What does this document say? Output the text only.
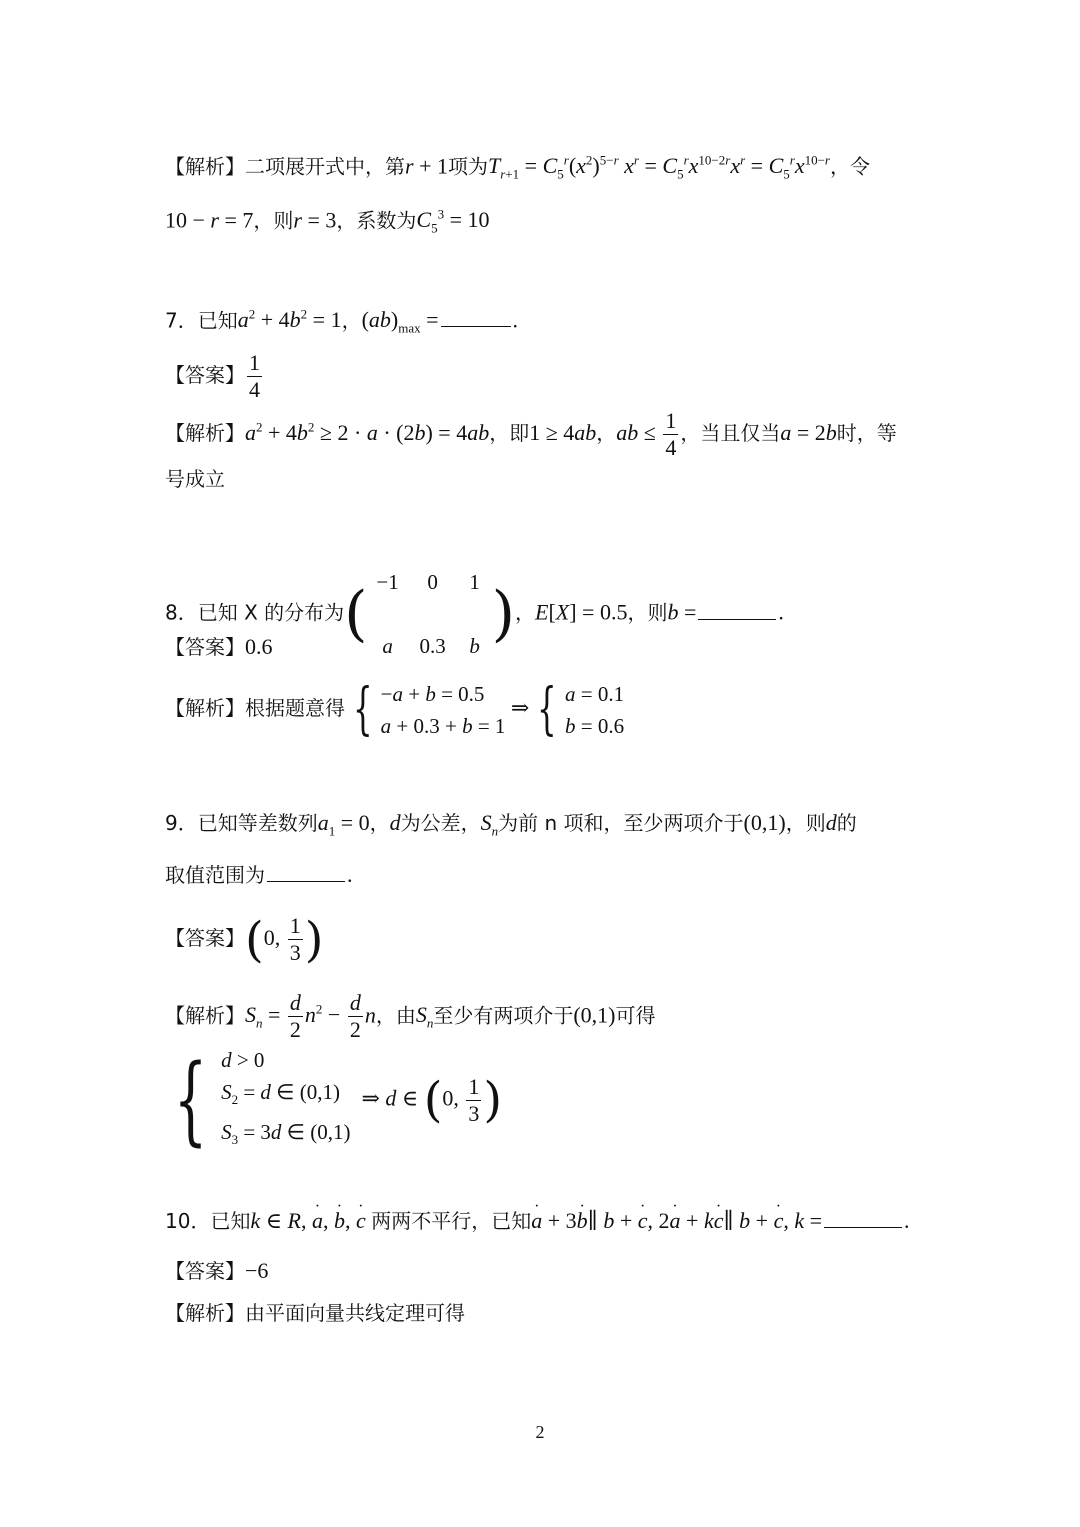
【解析】二项展开式中，第r + 1项为$T_{r+1} = C_5^r(x^2)^{5-r}$ $x^r = C_5^rx^{10-2r}x^r = C_5^rx^{10-r}$，令
10 − r = 7，则r = 3，系数为$C_5^3 = 10$
7．已知$a^2 + 4b^2 = 1$，$(ab)_{max}$ =	.
【答案】 $\frac{1}{4}$
【解析】$a^2 + 4b^2 \ge 2 \cdot a \cdot (2b) = 4ab$，即1 ≥ 4ab，ab ≤ $\frac{1}{4}$ ，当且仅当a = 2b时，等
号成立
8．已知 X 的分布为( −1	0	1
a	0.3	b )，E[X] = 0.5，则b =	.
【答案】0.6
【解析】根据题意得 { −a + b = 0.5
a + 0.3 + b = 1
⇒ { a = 0.1
b = 0.6
9．已知等差数列$a_1 = 0$，d为公差，$S_n$为前 n 项和，至少两项介于(0,1)，则d的
取值范围为	.
【答案】(0, $\frac{1}{3}$ )
【解析】$S_n = \frac{d}{2} n^2 - \frac{d}{2}$ n，由$S_n$至少有两项介于(0,1)可得
{ d > 0
$S_2 = d$ ∈ (0,1)
$S_3 = 3d$ ∈ (0,1)
⇒ d ∈ (0, $\frac{1}{3}$ )
10．已知k ∈ R, · a, · b, · c 两两不平行，已知· a + 3· b∥ b + · c, 2· a + k· c∥ b + · c, k =	.
【答案】−6
【解析】由平面向量共线定理可得
2
